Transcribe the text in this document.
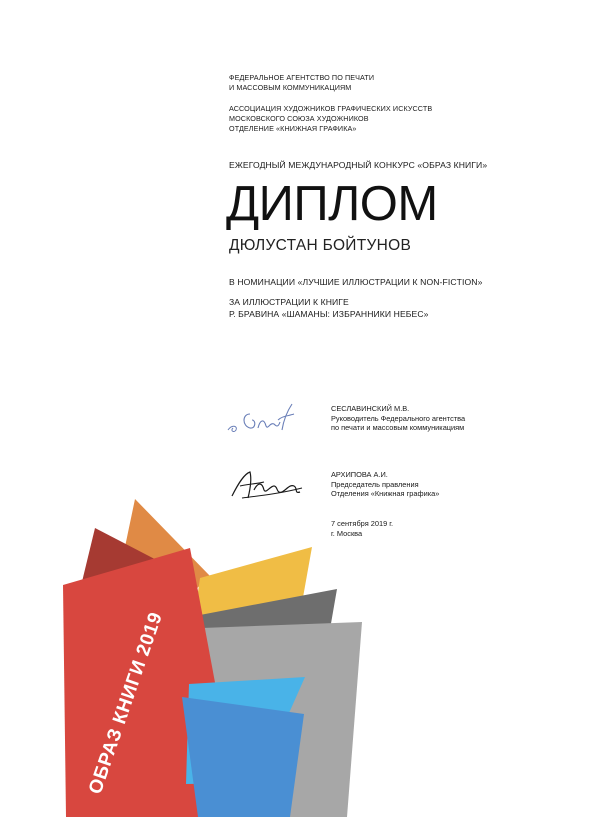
ФЕДЕРАЛЬНОЕ АГЕНТСТВО ПО ПЕЧАТИ
И МАССОВЫМ КОММУНИКАЦИЯМ
АССОЦИАЦИЯ ХУДОЖНИКОВ ГРАФИЧЕСКИХ ИСКУССТВ
МОСКОВСКОГО СОЮЗА ХУДОЖНИКОВ
ОТДЕЛЕНИЕ «КНИЖНАЯ ГРАФИКА»
ЕЖЕГОДНЫЙ МЕЖДУНАРОДНЫЙ КОНКУРС «ОБРАЗ КНИГИ»
ДИПЛОМ
ДЮЛУСТАН БОЙТУНОВ
В НОМИНАЦИИ «ЛУЧШИЕ ИЛЛЮСТРАЦИИ К NON-FICTION»
ЗА ИЛЛЮСТРАЦИИ К КНИГЕ
Р. БРАВИНА «ШАМАНЫ: ИЗБРАННИКИ НЕБЕС»
СЕСЛАВИНСКИЙ М.В.
Руководитель Федерального агентства
по печати и массовым коммуникациям
АРХИПОВА А.И.
Председатель правления
Отделения «Книжная графика»
7 сентября 2019 г.
г. Москва
ОБРАЗ КНИГИ 2019
